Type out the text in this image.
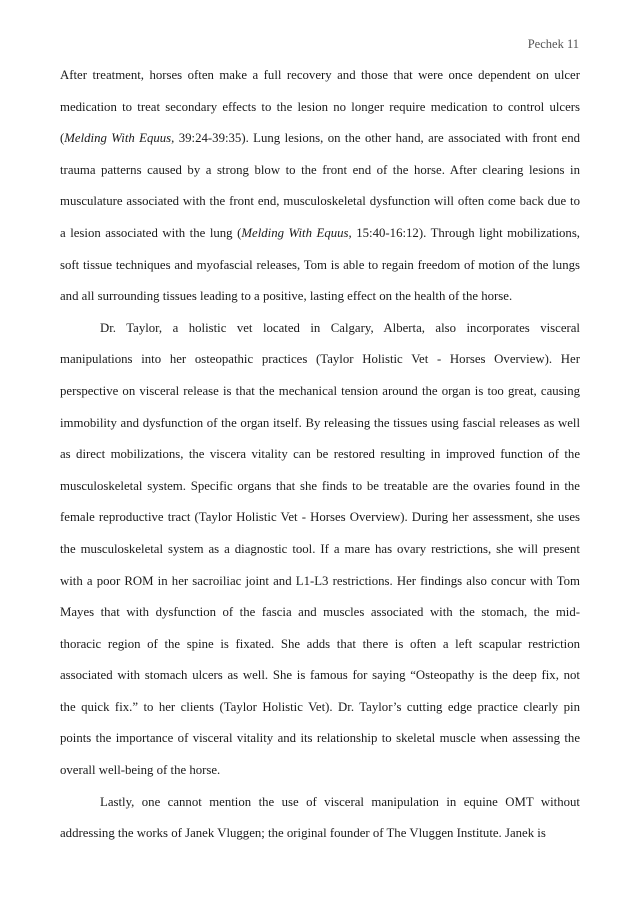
Pechek 11
After treatment, horses often make a full recovery and those that were once dependent on ulcer
medication to treat secondary effects to the lesion no longer require medication to control ulcers
(Melding With Equus, 39:24-39:35). Lung lesions, on the other hand, are associated with front end
trauma patterns caused by a strong blow to the front end of the horse. After clearing lesions in
musculature associated with the front end, musculoskeletal dysfunction will often come back due to
a lesion associated with the lung (Melding With Equus, 15:40-16:12). Through light mobilizations,
soft tissue techniques and myofascial releases, Tom is able to regain freedom of motion of the lungs
and all surrounding tissues leading to a positive, lasting effect on the health of the horse.
Dr. Taylor, a holistic vet located in Calgary, Alberta, also incorporates visceral
manipulations into her osteopathic practices (Taylor Holistic Vet - Horses Overview). Her
perspective on visceral release is that the mechanical tension around the organ is too great, causing
immobility and dysfunction of the organ itself. By releasing the tissues using fascial releases as well
as direct mobilizations, the viscera vitality can be restored resulting in improved function of the
musculoskeletal system. Specific organs that she finds to be treatable are the ovaries found in the
female reproductive tract (Taylor Holistic Vet - Horses Overview). During her assessment, she uses
the musculoskeletal system as a diagnostic tool. If a mare has ovary restrictions, she will present
with a poor ROM in her sacroiliac joint and L1-L3 restrictions. Her findings also concur with Tom
Mayes that with dysfunction of the fascia and muscles associated with the stomach, the mid-
thoracic region of the spine is fixated. She adds that there is often a left scapular restriction
associated with stomach ulcers as well. She is famous for saying “Osteopathy is the deep fix, not
the quick fix.” to her clients (Taylor Holistic Vet). Dr. Taylor’s cutting edge practice clearly pin
points the importance of visceral vitality and its relationship to skeletal muscle when assessing the
overall well-being of the horse.
Lastly, one cannot mention the use of visceral manipulation in equine OMT without
addressing the works of Janek Vluggen; the original founder of The Vluggen Institute. Janek is
